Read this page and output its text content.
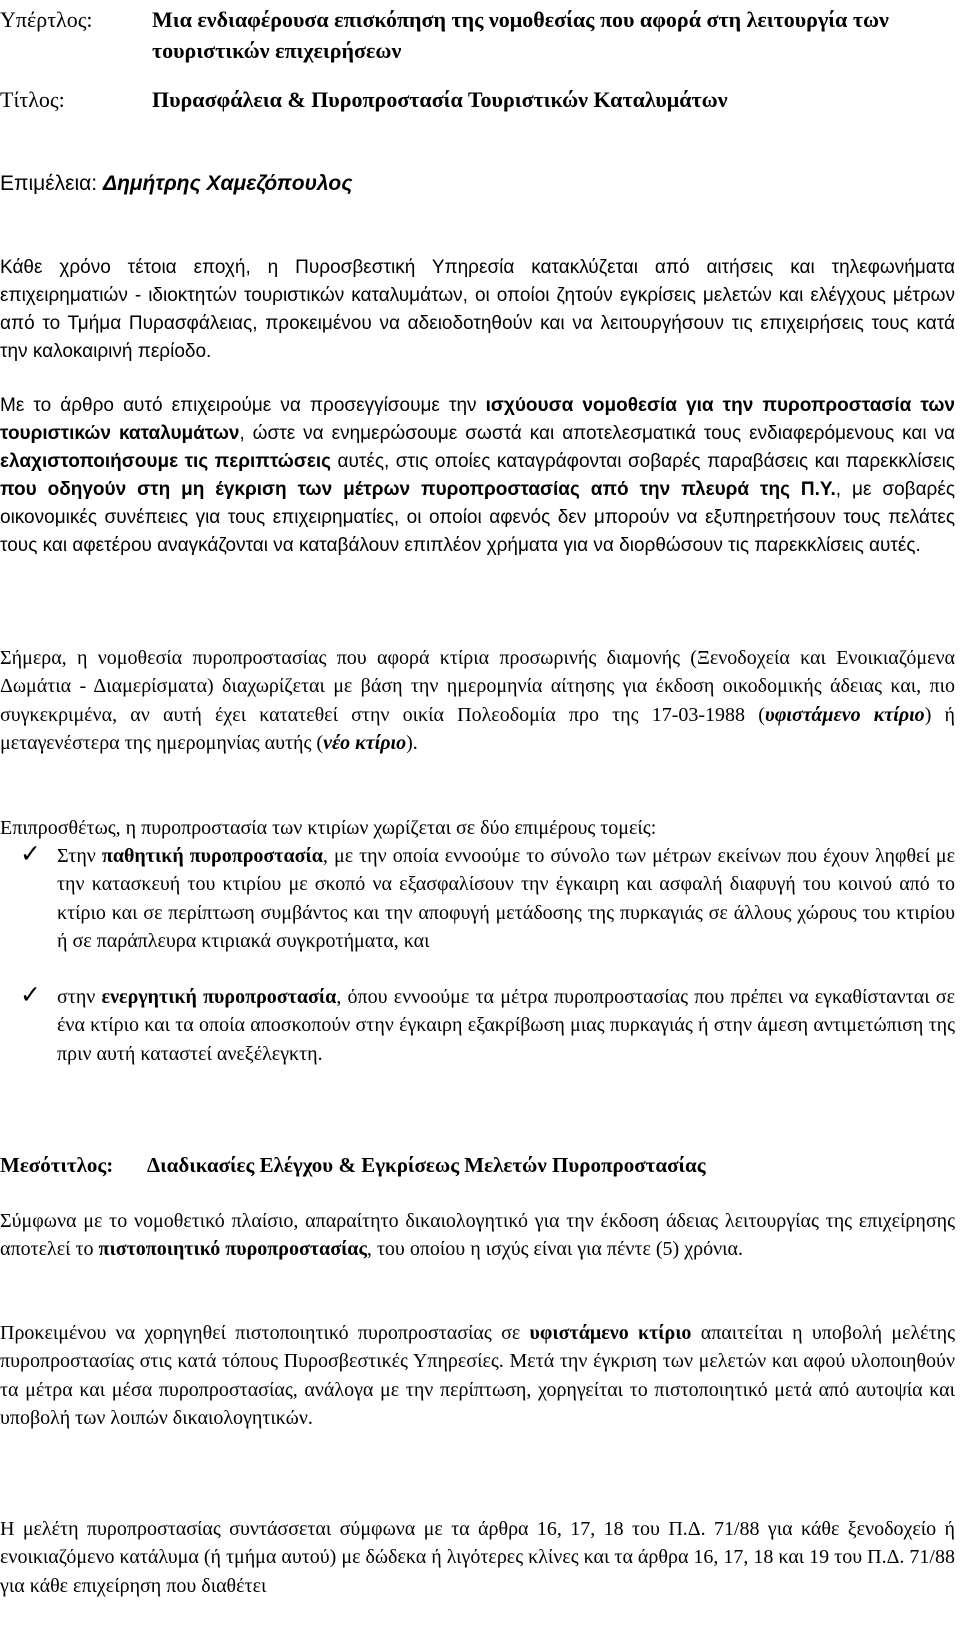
Υπέρτλος:	Μια ενδιαφέρουσα επισκόπηση της νομοθεσίας που αφορά στη λειτουργία των τουριστικών επιχειρήσεων
Τίτλος:	Πυρασφάλεια & Πυροπροστασία Τουριστικών Καταλυμάτων
Επιμέλεια: Δημήτρης Χαμεζόπουλος
Κάθε χρόνο τέτοια εποχή, η Πυροσβεστική Υπηρεσία κατακλύζεται από αιτήσεις και τηλεφωνήματα επιχειρηματιών - ιδιοκτητών τουριστικών καταλυμάτων, οι οποίοι ζητούν εγκρίσεις μελετών και ελέγχους μέτρων από το Τμήμα Πυρασφάλειας, προκειμένου να αδειοδοτηθούν και να λειτουργήσουν τις επιχειρήσεις τους κατά την καλοκαιρινή περίοδο.
Με το άρθρο αυτό επιχειρούμε να προσεγγίσουμε την ισχύουσα νομοθεσία για την πυροπροστασία των τουριστικών καταλυμάτων, ώστε να ενημερώσουμε σωστά και αποτελεσματικά τους ενδιαφερόμενους και να ελαχιστοποιήσουμε τις περιπτώσεις αυτές, στις οποίες καταγράφονται σοβαρές παραβάσεις και παρεκκλίσεις που οδηγούν στη μη έγκριση των μέτρων πυροπροστασίας από την πλευρά της Π.Υ., με σοβαρές οικονομικές συνέπειες για τους επιχειρηματίες, οι οποίοι αφενός δεν μπορούν να εξυπηρετήσουν τους πελάτες τους και αφετέρου αναγκάζονται να καταβάλουν επιπλέον χρήματα για να διορθώσουν τις παρεκκλίσεις αυτές.
Σήμερα, η νομοθεσία πυροπροστασίας που αφορά κτίρια προσωρινής διαμονής (Ξενοδοχεία και Ενοικιαζόμενα Δωμάτια - Διαμερίσματα) διαχωρίζεται με βάση την ημερομηνία αίτησης για έκδοση οικοδομικής άδειας και, πιο συγκεκριμένα, αν αυτή έχει κατατεθεί στην οικία Πολεοδομία προ της 17-03-1988 (υφιστάμενο κτίριο) ή μεταγενέστερα της ημερομηνίας αυτής (νέο κτίριο).
Επιπροσθέτως, η πυροπροστασία των κτιρίων χωρίζεται σε δύο επιμέρους τομείς:
✓ Στην παθητική πυροπροστασία, με την οποία εννοούμε το σύνολο των μέτρων εκείνων που έχουν ληφθεί με την κατασκευή του κτιρίου με σκοπό να εξασφαλίσουν την έγκαιρη και ασφαλή διαφυγή του κοινού από το κτίριο και σε περίπτωση συμβάντος και την αποφυγή μετάδοσης της πυρκαγιάς σε άλλους χώρους του κτιρίου ή σε παράπλευρα κτιριακά συγκροτήματα, και
✓ στην ενεργητική πυροπροστασία, όπου εννοούμε τα μέτρα πυροπροστασίας που πρέπει να εγκαθίστανται σε ένα κτίριο και τα οποία αποσκοπούν στην έγκαιρη εξακρίβωση μιας πυρκαγιάς ή στην άμεση αντιμετώπιση της πριν αυτή καταστεί ανεξέλεγκτη.
Μεσότιτλος: Διαδικασίες Ελέγχου & Εγκρίσεως Μελετών Πυροπροστασίας
Σύμφωνα με το νομοθετικό πλαίσιο, απαραίτητο δικαιολογητικό για την έκδοση άδειας λειτουργίας της επιχείρησης αποτελεί το πιστοποιητικό πυροπροστασίας, του οποίου η ισχύς είναι για πέντε (5) χρόνια.
Προκειμένου να χορηγηθεί πιστοποιητικό πυροπροστασίας σε υφιστάμενο κτίριο απαιτείται η υποβολή μελέτης πυροπροστασίας στις κατά τόπους Πυροσβεστικές Υπηρεσίες. Μετά την έγκριση των μελετών και αφού υλοποιηθούν τα μέτρα και μέσα πυροπροστασίας, ανάλογα με την περίπτωση, χορηγείται το πιστοποιητικό μετά από αυτοψία και υποβολή των λοιπών δικαιολογητικών.
Η μελέτη πυροπροστασίας συντάσσεται σύμφωνα με τα άρθρα 16, 17, 18 του Π.Δ. 71/88 για κάθε ξενοδοχείο ή ενοικιαζόμενο κατάλυμα (ή τμήμα αυτού) με δώδεκα ή λιγότερες κλίνες και τα άρθρα 16, 17, 18 και 19 του Π.Δ. 71/88 για κάθε επιχείρηση που διαθέτει
